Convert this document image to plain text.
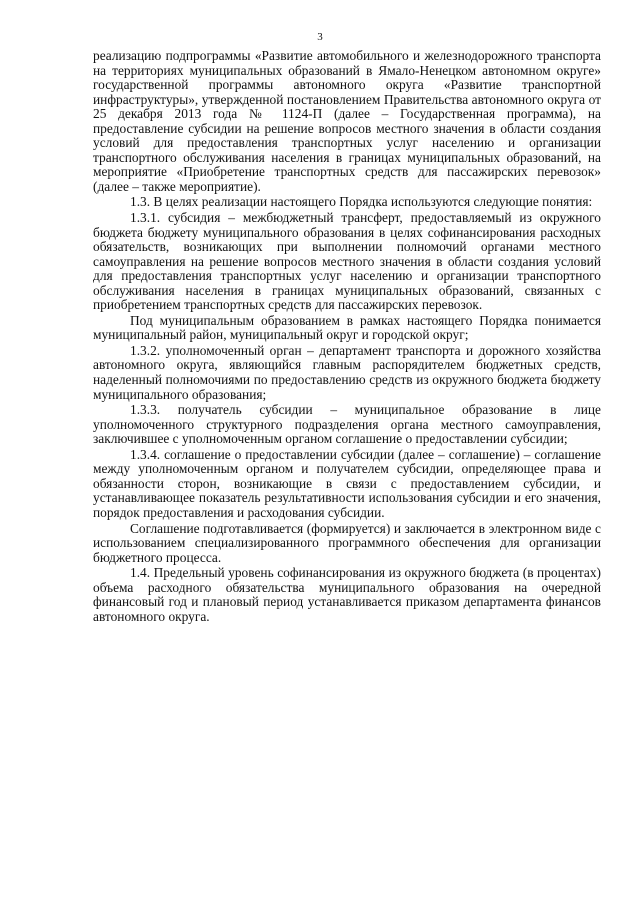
3

реализацию подпрограммы «Развитие автомобильного и железнодорожного транспорта на территориях муниципальных образований в Ямало-Ненецком автономном округе» государственной программы автономного округа «Развитие транспортной инфраструктуры», утвержденной постановлением Правительства автономного округа от 25 декабря 2013 года № 1124-П (далее – Государственная программа), на предоставление субсидии на решение вопросов местного значения в области создания условий для предоставления транспортных услуг населению и организации транспортного обслуживания населения в границах муниципальных образований, на мероприятие «Приобретение транспортных средств для пассажирских перевозок» (далее – также мероприятие).

1.3. В целях реализации настоящего Порядка используются следующие понятия:

1.3.1. субсидия – межбюджетный трансферт, предоставляемый из окружного бюджета бюджету муниципального образования в целях софинансирования расходных обязательств, возникающих при выполнении полномочий органами местного самоуправления на решение вопросов местного значения в области создания условий для предоставления транспортных услуг населению и организации транспортного обслуживания населения в границах муниципальных образований, связанных с приобретением транспортных средств для пассажирских перевозок.

Под муниципальным образованием в рамках настоящего Порядка понимается муниципальный район, муниципальный округ и городской округ;

1.3.2. уполномоченный орган – департамент транспорта и дорожного хозяйства автономного округа, являющийся главным распорядителем бюджетных средств, наделенный полномочиями по предоставлению средств из окружного бюджета бюджету муниципального образования;

1.3.3. получатель субсидии – муниципальное образование в лице уполномоченного структурного подразделения органа местного самоуправления, заключившее с уполномоченным органом соглашение о предоставлении субсидии;

1.3.4. соглашение о предоставлении субсидии (далее – соглашение) – соглашение между уполномоченным органом и получателем субсидии, определяющее права и обязанности сторон, возникающие в связи с предоставлением субсидии, и устанавливающее показатель результативности использования субсидии и его значения, порядок предоставления и расходования субсидии.

Соглашение подготавливается (формируется) и заключается в электронном виде с использованием специализированного программного обеспечения для организации бюджетного процесса.

1.4. Предельный уровень софинансирования из окружного бюджета (в процентах) объема расходного обязательства муниципального образования на очередной финансовый год и плановый период устанавливается приказом департамента финансов автономного округа.
